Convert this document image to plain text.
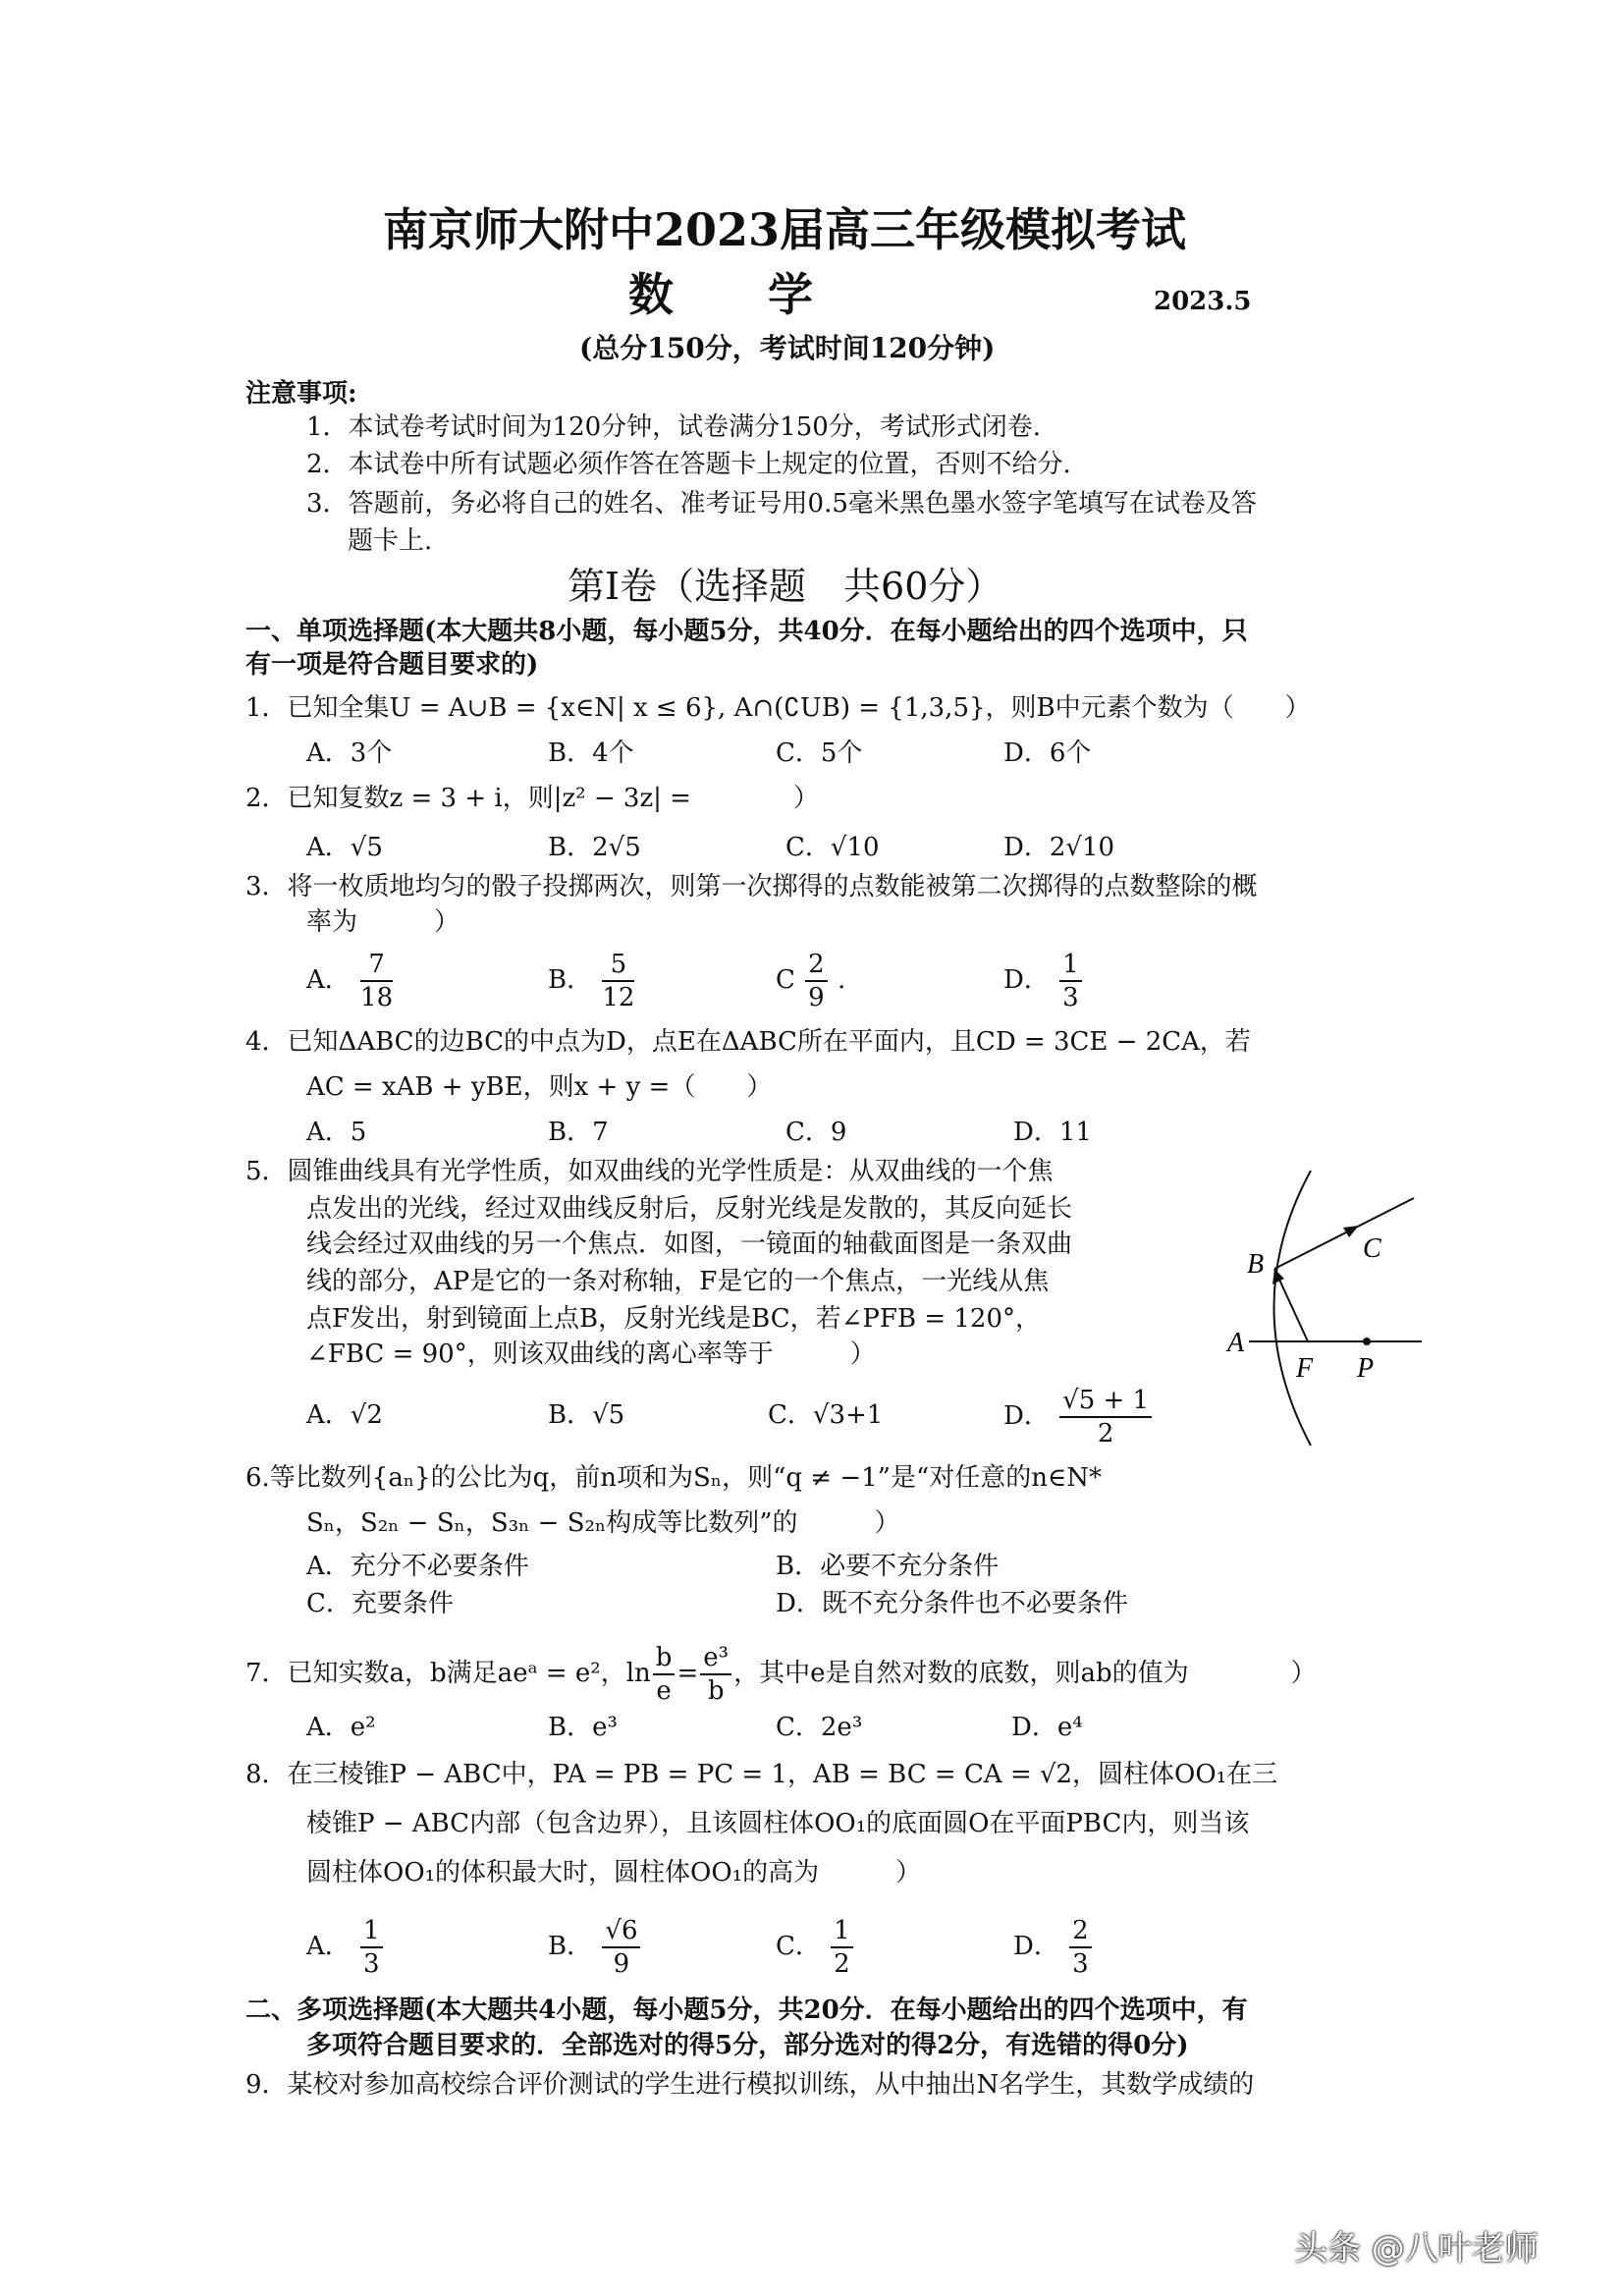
南京师大附中2023届高三年级模拟考试
数 学	2023.5
(总分150分，考试时间120分钟)
注意事项:
1．本试卷考试时间为120分钟，试卷满分150分，考试形式闭卷.
2．本试卷中所有试题必须作答在答题卡上规定的位置，否则不给分.
3．答题前，务必将自己的姓名、准考证号用0.5毫米黑色墨水签字笔填写在试卷及答
题卡上.
第I卷（选择题　共60分）
一、单项选择题(本大题共8小题，每小题5分，共40分．在每小题给出的四个选项中，只
有一项是符合题目要求的)
1．已知全集U = A∪B = {x∈N| x ≤ 6}, A∩(∁UB) = {1,3,5}，则B中元素个数为（　　）
A．3个	B．4个	C．5个	D．6个
2．已知复数z = 3 + i，则|z² − 3z| =　　　　）
A．√5	B．2√5	C．√10	D．2√10
3．将一枚质地均匀的骰子投掷两次，则第一次掷得的点数能被第二次掷得的点数整除的概
率为　　　）
A． $\frac{7}{18}$	B． $\frac{5}{12}$	C $\frac{2}{9}$ .	D． $\frac{1}{3}$
4．已知ΔABC的边BC的中点为D，点E在ΔABC所在平面内，且CD = 3CE − 2CA，若
AC = xAB + yBE，则x + y =（　　）
A．5	B．7	C．9	D．11
5．圆锥曲线具有光学性质，如双曲线的光学性质是：从双曲线的一个焦
点发出的光线，经过双曲线反射后，反射光线是发散的，其反向延长
线会经过双曲线的另一个焦点．如图，一镜面的轴截面图是一条双曲
线的部分，AP是它的一条对称轴，F是它的一个焦点，一光线从焦
点F发出，射到镜面上点B，反射光线是BC，若∠PFB = 120°，
∠FBC = 90°，则该双曲线的离心率等于　　　）
A．√2	B．√5	C．√3+1	D． $\frac{√5 + 1}{2}$
B
C
A
F P
6.等比数列{aₙ}的公比为q，前n项和为Sₙ，则“q ≠ −1”是“对任意的n∈N*
Sₙ，S₂ₙ − Sₙ，S₃ₙ − S₂ₙ构成等比数列”的　　　）
A．充分不必要条件	B．必要不充分条件
C．充要条件	D．既不充分条件也不必要条件
7．已知实数a，b满足aeᵃ = e²，$\ln \frac{b}{e} = \frac{\text{e³}}{b}$ ，其中e是自然对数的底数，则ab的值为　　　　）
A．e²	B．e³	C．2e³	D．e⁴
8．在三棱锥P − ABC中，PA = PB = PC = 1，AB = BC = CA = √2，圆柱体OO₁在三
棱锥P − ABC内部（包含边界），且该圆柱体OO₁的底面圆O在平面PBC内，则当该
圆柱体OO₁的体积最大时，圆柱体OO₁的高为　　　）
A． $\frac{1}{3}$	B． $\frac{√6}{9}$	C． $\frac{1}{2}$	D． $\frac{2}{3}$
二、多项选择题(本大题共4小题，每小题5分，共20分．在每小题给出的四个选项中，有
多项符合题目要求的．全部选对的得5分，部分选对的得2分，有选错的得0分)
9．某校对参加高校综合评价测试的学生进行模拟训练，从中抽出N名学生，其数学成绩的
头条 @八叶老师
